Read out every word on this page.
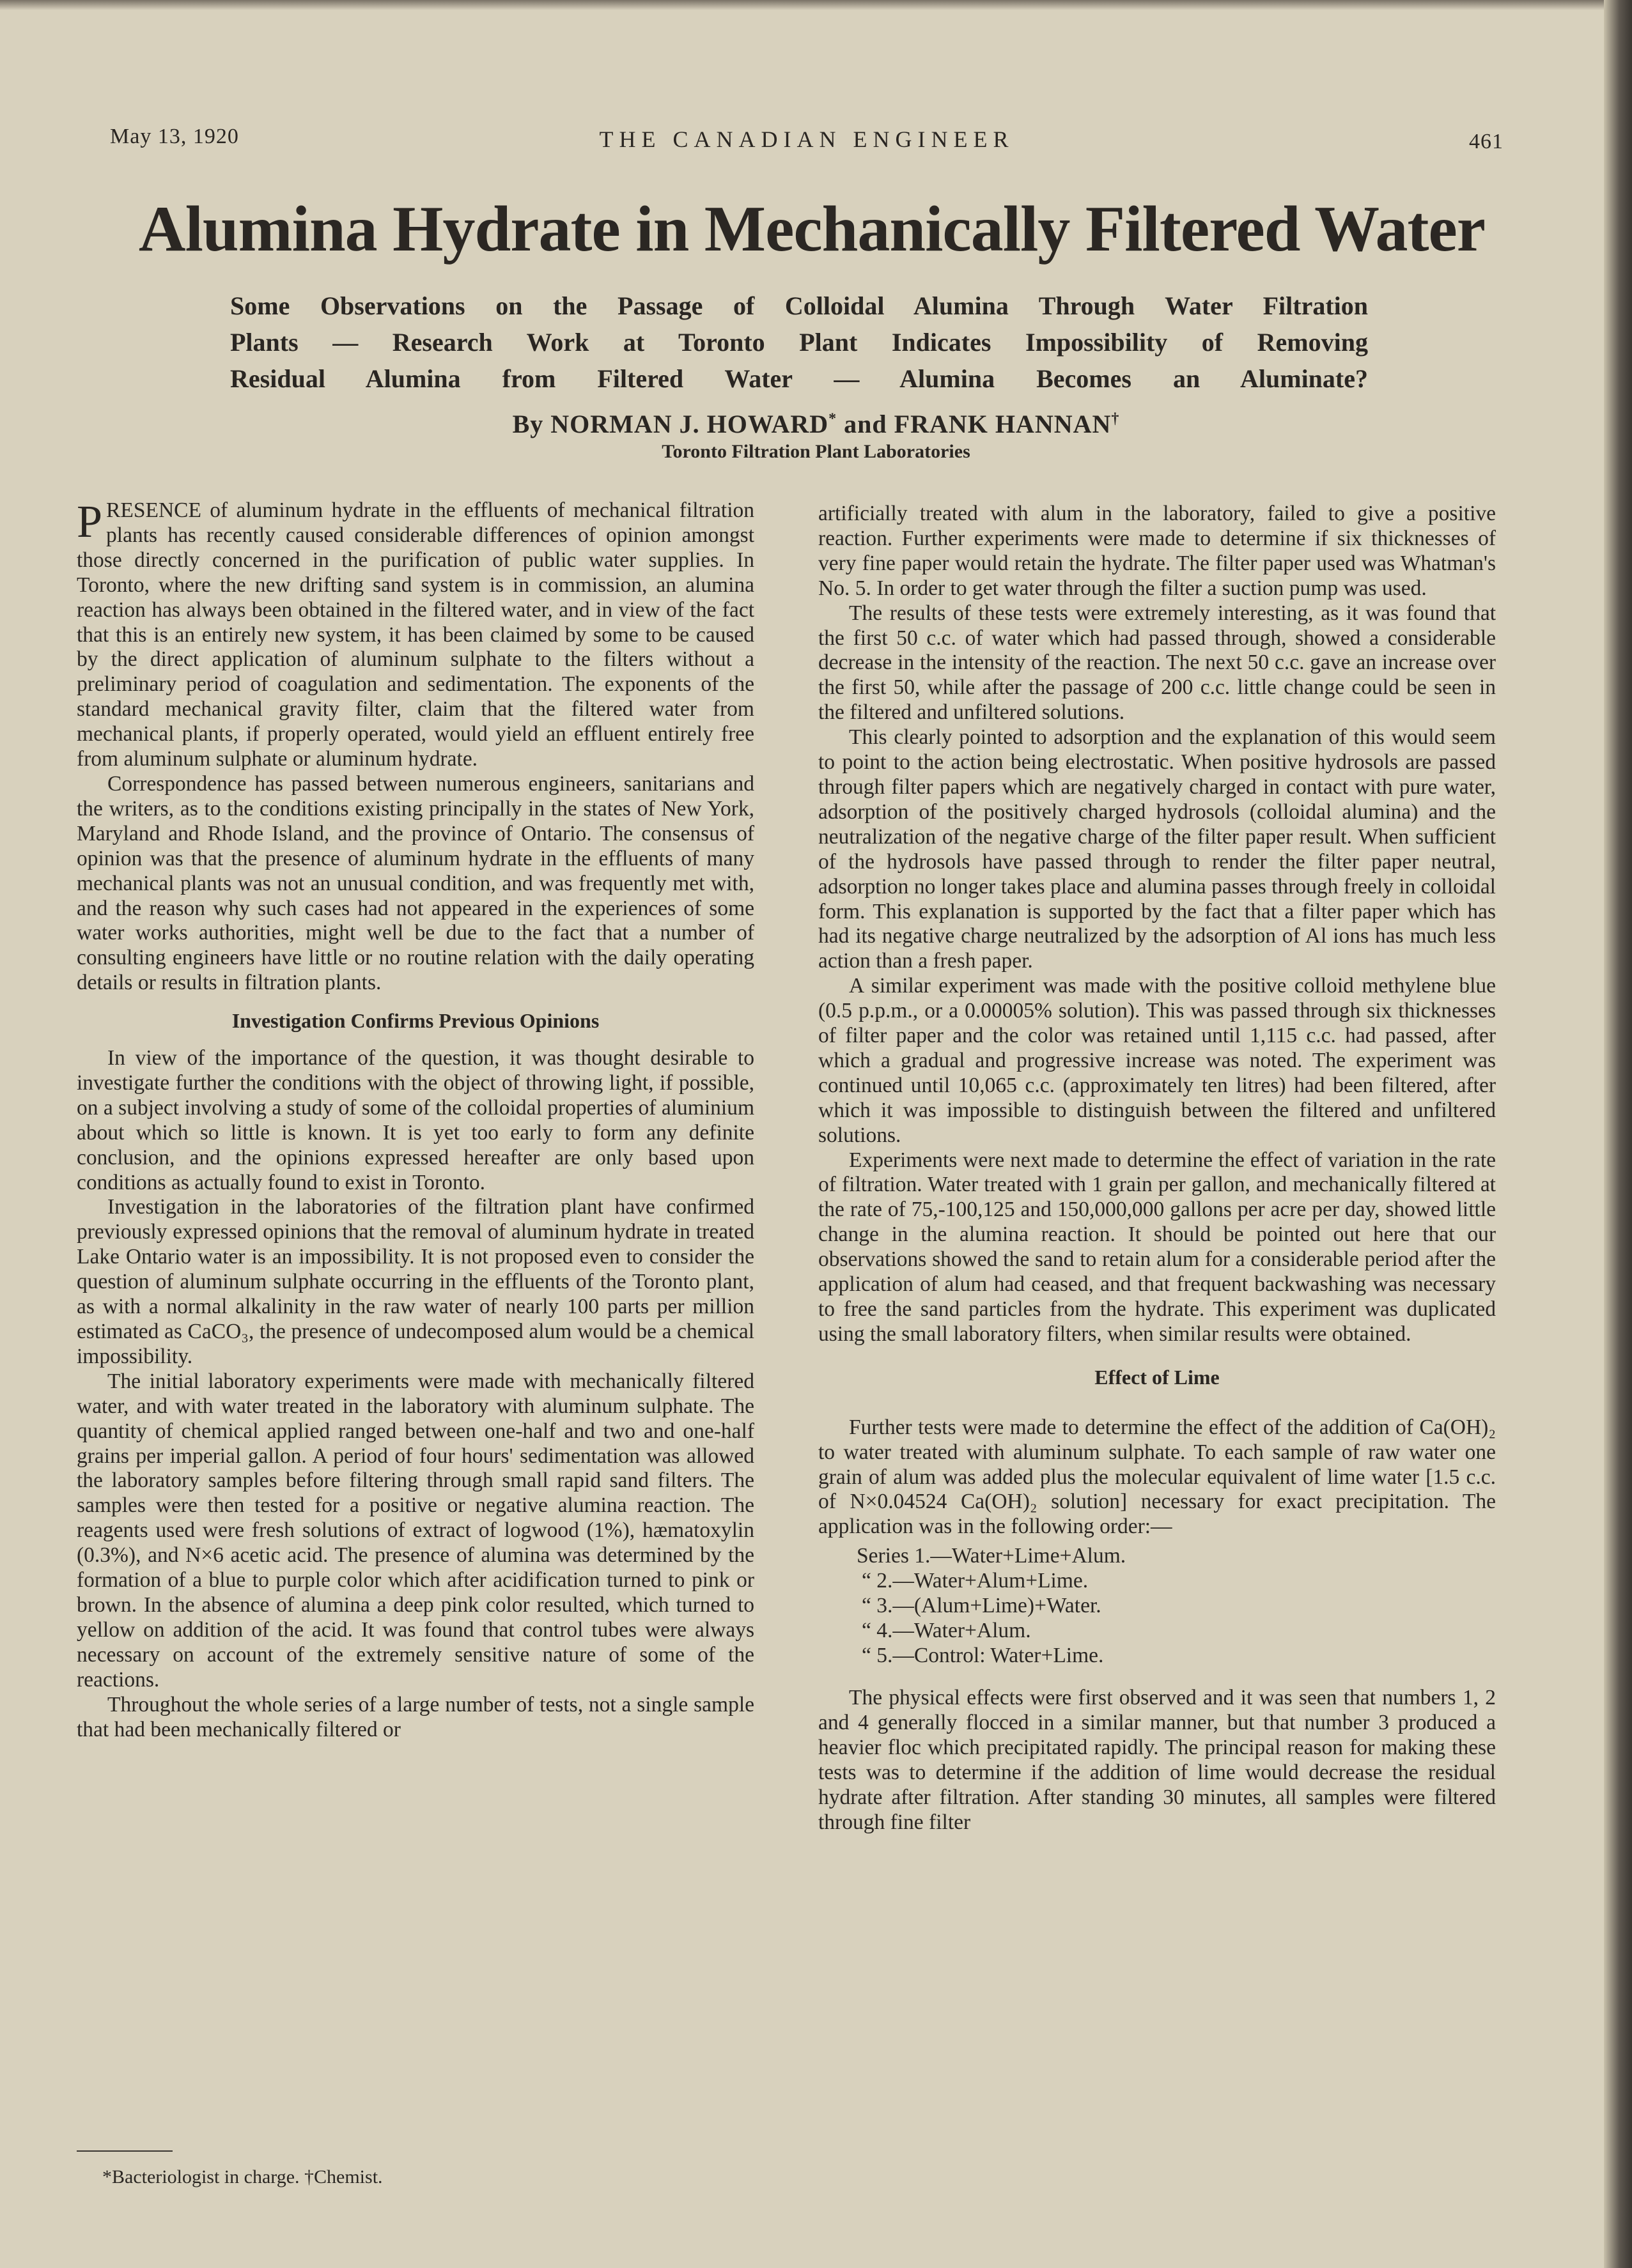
May 13, 1920	THE CANADIAN ENGINEER	461
Alumina Hydrate in Mechanically Filtered Water
Some Observations on the Passage of Colloidal Alumina Through Water Filtration
Plants — Research Work at Toronto Plant Indicates Impossibility of Removing
Residual Alumina from Filtered Water — Alumina Becomes an Aluminate?
By NORMAN J. HOWARD* and FRANK HANNAN†
Toronto Filtration Plant Laboratories

PRESENCE of aluminum hydrate in the effluents of mechanical filtration plants has recently caused considerable differences of opinion amongst those directly concerned in the purification of public water supplies. In Toronto, where the new drifting sand system is in commission, an alumina reaction has always been obtained in the filtered water, and in view of the fact that this is an entirely new system, it has been claimed by some to be caused by the direct application of aluminum sulphate to the filters without a preliminary period of coagulation and sedimentation. The exponents of the standard mechanical gravity filter, claim that the filtered water from mechanical plants, if properly operated, would yield an effluent entirely free from aluminum sulphate or aluminum hydrate.

Correspondence has passed between numerous engineers, sanitarians and the writers, as to the conditions existing principally in the states of New York, Maryland and Rhode Island, and the province of Ontario. The consensus of opinion was that the presence of aluminum hydrate in the effluents of many mechanical plants was not an unusual condition, and was frequently met with, and the reason why such cases had not appeared in the experiences of some water works authorities, might well be due to the fact that a number of consulting engineers have little or no routine relation with the daily operating details or results in filtration plants.

Investigation Confirms Previous Opinions

In view of the importance of the question, it was thought desirable to investigate further the conditions with the object of throwing light, if possible, on a subject involving a study of some of the colloidal properties of aluminium about which so little is known. It is yet too early to form any definite conclusion, and the opinions expressed hereafter are only based upon conditions as actually found to exist in Toronto.

Investigation in the laboratories of the filtration plant have confirmed previously expressed opinions that the removal of aluminum hydrate in treated Lake Ontario water is an impossibility. It is not proposed even to consider the question of aluminum sulphate occurring in the effluents of the Toronto plant, as with a normal alkalinity in the raw water of nearly 100 parts per million estimated as CaCO₃, the presence of undecomposed alum would be a chemical impossibility.

The initial laboratory experiments were made with mechanically filtered water, and with water treated in the laboratory with aluminum sulphate. The quantity of chemical applied ranged between one-half and two and one-half grains per imperial gallon. A period of four hours' sedimentation was allowed the laboratory samples before filtering through small rapid sand filters. The samples were then tested for a positive or negative alumina reaction. The reagents used were fresh solutions of extract of logwood (1%), hæmatoxylin (0.3%), and N×6 acetic acid. The presence of alumina was determined by the formation of a blue to purple color which after acidification turned to pink or brown. In the absence of alumina a deep pink color resulted, which turned to yellow on addition of the acid. It was found that control tubes were always necessary on account of the extremely sensitive nature of some of the reactions.

Throughout the whole series of a large number of tests, not a single sample that had been mechanically filtered or

artificially treated with alum in the laboratory, failed to give a positive reaction. Further experiments were made to determine if six thicknesses of very fine paper would retain the hydrate. The filter paper used was Whatman's No. 5. In order to get water through the filter a suction pump was used.

The results of these tests were extremely interesting, as it was found that the first 50 c.c. of water which had passed through, showed a considerable decrease in the intensity of the reaction. The next 50 c.c. gave an increase over the first 50, while after the passage of 200 c.c. little change could be seen in the filtered and unfiltered solutions.

This clearly pointed to adsorption and the explanation of this would seem to point to the action being electrostatic. When positive hydrosols are passed through filter papers which are negatively charged in contact with pure water, adsorption of the positively charged hydrosols (colloidal alumina) and the neutralization of the negative charge of the filter paper result. When sufficient of the hydrosols have passed through to render the filter paper neutral, adsorption no longer takes place and alumina passes through freely in colloidal form. This explanation is supported by the fact that a filter paper which has had its negative charge neutralized by the adsorption of Al ions has much less action than a fresh paper.

A similar experiment was made with the positive colloid methylene blue (0.5 p.p.m., or a 0.00005% solution). This was passed through six thicknesses of filter paper and the color was retained until 1,115 c.c. had passed, after which a gradual and progressive increase was noted. The experiment was continued until 10,065 c.c. (approximately ten litres) had been filtered, after which it was impossible to distinguish between the filtered and unfiltered solutions.

Experiments were next made to determine the effect of variation in the rate of filtration. Water treated with 1 grain per gallon, and mechanically filtered at the rate of 75,-100,125 and 150,000,000 gallons per acre per day, showed little change in the alumina reaction. It should be pointed out here that our observations showed the sand to retain alum for a considerable period after the application of alum had ceased, and that frequent backwashing was necessary to free the sand particles from the hydrate. This experiment was duplicated using the small laboratory filters, when similar results were obtained.

Effect of Lime

Further tests were made to determine the effect of the addition of Ca(OH)₂ to water treated with aluminum sulphate. To each sample of raw water one grain of alum was added plus the molecular equivalent of lime water [1.5 c.c. of N×0.04524 Ca(OH)₂ solution] necessary for exact precipitation. The application was in the following order:—

Series 1.—Water+Lime+Alum.
“ 2.—Water+Alum+Lime.
“ 3.—(Alum+Lime)+Water.
“ 4.—Water+Alum.
“ 5.—Control: Water+Lime.

The physical effects were first observed and it was seen that numbers 1, 2 and 4 generally flocced in a similar manner, but that number 3 produced a heavier floc which precipitated rapidly. The principal reason for making these tests was to determine if the addition of lime would decrease the residual hydrate after filtration. After standing 30 minutes, all samples were filtered through fine filter

*Bacteriologist in charge. †Chemist.
